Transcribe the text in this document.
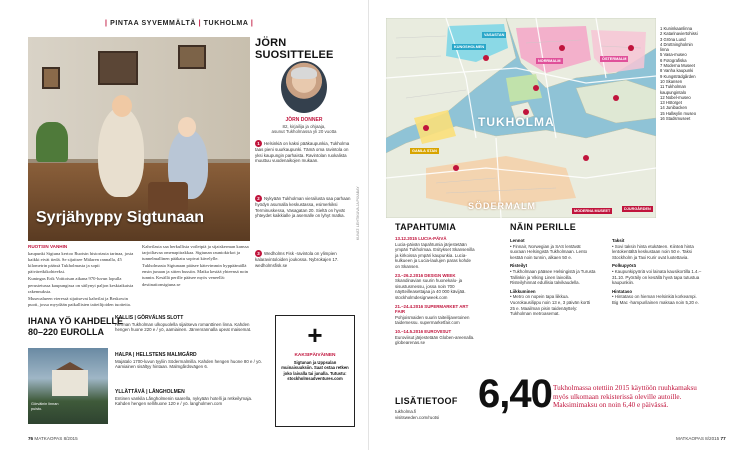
| PINTAA SYVEMMÄLTÄ | TUKHOLMA |
Syrjähyppy Sigtunaan

RUOTSIN VANHIN

kaupunki Sigtuna kertoo Ruotsin historiasta tarinaa, josta kaikki eivät tiedä. Se sijaitsee Mälaren rannalla, 45 kilometrin päässä Tukholmasta ja sopii päiväretkikohteeksi.

Kuningas Erik Voittoisan aikana 970-luvun lopulla perustetussa kaupungissa on säilynyt paljon keskiaikaisia rakennuksia.

Museoalueen vieressä sijaitsevat kahvilat ja Beskowin puoti, jossa myydään paikallisten taiteilijoiden tuotteita.

Kahvilasta saa herkullisia voileipiä ja sijaiskerman kanssa tarjoiltavaa omenapiirakkaa. Sigtunan rauniokirkot ja tunnelmallinen pääkatu sopivat kävelylle.

Tukholmasta Sigtunaan pääsee kätevimmin hyppäämällä ensin junaan ja sitten bussiin. Matka kestää yhteensä noin tunnin. Kesällä perille pääsee myös veneellä: destinationsigtuna.se

JÖRN SUOSITTELEE
JÖRN DONNER
82, kirjailija ja ohjaaja,
asunut Tukholmassa yli 20 vuotta
1 Helsinkiä on kaksi pääkaupunkia, Tukholma taas pieni suurkaupunki. Tämä oma ravintola on yksi kaupungin parhaista. Ravintolan ruokalista muuttuu vuodenaikojen mukaan.
2 Nykyään Tukholman vierailusta saa parhaan hyödyn asumalla keskustassa, esimerkiksi Terminuskessa, Vasagatan 20. Sieltä on hyvät yhteydet kaikkialle ja asemalle on lyhyt matka.
3 Wedholms Fisk -ravintola on ylimpien kalaravintoloiden joukossa. Nybrokajen 17. wedholmsfisk.se
KUVAT: LEHTIKUVA JA PIXABAY
IHANA YÖ KAHDELLE
80–220 EUROLLA
Görvälnin linnan
puisto.
KALLIS | GÖRVÄLNS SLOTT
Herman Tukholman ulkopuolella sijaitseva romanttinen linna. Kahden hengen huone 220 e / yö, aamiainen. Järvenrannalla upeat maisemat.
HALPA | HELLSTENS MALMGÅRD
Majatalo 1700-luvun tyyliin Södermalmilla. Kahden hengen huone 80 e / yö. Aamiainen sisältyy hintaan. Malmgårdsvägen 6.
YLLÄTTÄVÄ | LÅNGHOLMEN
Entinen vankila Långholmenin saarella, nykyään hotelli ja retkeilymaja. Kahden hengen sellihuone 120 e / yö. langholmen.com
+
KAKSIPÄIVÄINEN
Sigtunan ja Uppsalan muinaisuuksiin. Saat ostaa retken joko laivalla tai junalla. Tutustu: stockholmsadventures.com
76 MATKAOPAS 8/2015
TUKHOLMA
SÖDERMALM
KUNGSHOLMEN
VASASTAN
NORRMALM	ÖSTERMALM
GAMLA STAN
MODERNA MUSEET	DJURGÅRDEN
1 Kuninkaanlinna
2 Katarinaviertohissi
3 Gröna Lund
4 Drottningholmin
linna
5 Vasa-museo
6 Fotografiska
7 Moderna Museet
8 Vanha kaupunki
9 Kungsträdgården
10 Skansen
11 Tukholman
kaupungintalo
12 Nobel-museo
13 Hötorget
14 Junibacken
15 Hallwylin museo
16 Stadsmuseet
TAPAHTUMIA

13.12.2015 LUCIA-PÄIVÄ
Lucia-päivän tapahtumia järjestetään ympäri Tukholmaa. Esitykset Skansenilla ja kirkoissa ympäri kaupunkia. Lucia-kulkueen ja Lucia-laulujen paras kohde on Skansen.

23.–26.2.2016 DESIGN WEEK
Skandinavian suurin huonekalu- ja sisustusmessu, jossa noin 700 näytteilleasettajaa ja 40 000 kävijää. stockholmdesignweek.com

21.–24.4.2016 SUPERMARKET ART FAIR
Pohjoismaiden suurin taiteilijavetoinen taidemessu. supermarketfair.com

10.–14.5.2016 EUROVIISUT
Euroviisut järjestetään Globen-areenalla. globearenas.se

LISÄTIETOOF
tukholma.fi
visitsweden.com/ruotsi
NÄIN PERILLE
Lennot

• Finnair, Norwegian ja SAS lentävät suoraan Helsingistä Tukholmaan. Lento kestää noin tunnin, alkaen 50 e.

Risteilyt

• Tukholmaan pääsee Helsingistä ja Turusta Tallinkin ja Viking Linen laivoilla. Risteilyhinnat edullisia talvikaudella.

Liikkuminen

• Metro on nopein tapa liikkua. Vuorokausilippu noin 13 e, 3 päivän kortti 25 e. Maailman pisin taidenäyttely: Tukholman metroasemat.

Taksit

• Sovi taksin hinta etukäteen. Kiinteä hinta lentokentältä keskustaan noin 50 e. Taksi Stockholm ja Taxi Kurir ovat luotettavia.

Polkupyörä

• Kaupunkipyöriä voi lainata kausikortilla 1.4.–31.10. Pyöräily on kesällä hyvä tapa tutustua kaupunkiin.

Hintataso

• Hintataso on hieman Helsinkiä korkeampi. Big Mac -hampurilainen maksaa noin 5,20 e.

6,40 Tukholmassa otettiin 2015 käyttöön ruuhkamaksu myös ulkomaan rekisterissä oleville autoille. Maksimimaksu on noin 6,40 e päivässä.
MATKAOPAS 8/2015 77
